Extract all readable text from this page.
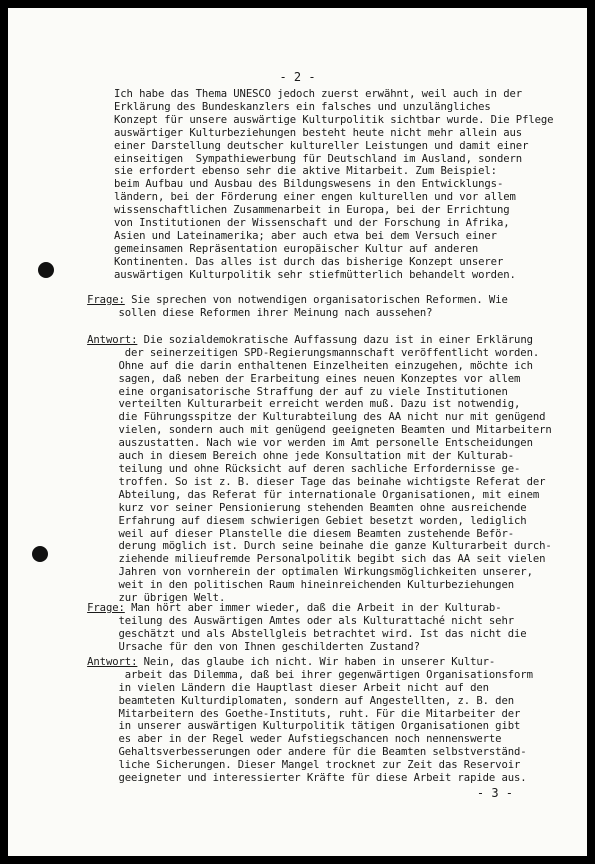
- 2 -
Ich habe das Thema UNESCO jedoch zuerst erwähnt, weil auch in der
Erklärung des Bundeskanzlers ein falsches und unzulängliches
Konzept für unsere auswärtige Kulturpolitik sichtbar wurde. Die Pflege
auswärtiger Kulturbeziehungen besteht heute nicht mehr allein aus
einer Darstellung deutscher kultureller Leistungen und damit einer
einseitigen  Sympathiewerbung für Deutschland im Ausland, sondern
sie erfordert ebenso sehr die aktive Mitarbeit. Zum Beispiel:
beim Aufbau und Ausbau des Bildungswesens in den Entwicklungs-
ländern, bei der Förderung einer engen kulturellen und vor allem
wissenschaftlichen Zusammenarbeit in Europa, bei der Errichtung
von Institutionen der Wissenschaft und der Forschung in Afrika,
Asien und Lateinamerika; aber auch etwa bei dem Versuch einer
gemeinsamen Repräsentation europäischer Kultur auf anderen
Kontinenten. Das alles ist durch das bisherige Konzept unserer
auswärtigen Kulturpolitik sehr stiefmütterlich behandelt worden.

Frage: Sie sprechen von notwendigen organisatorischen Reformen. Wie
sollen diese Reformen ihrer Meinung nach aussehen?

Antwort: Die sozialdemokratische Auffassung dazu ist in einer Erklärung
der seinerzeitigen SPD-Regierungsmannschaft veröffentlicht worden.
Ohne auf die darin enthaltenen Einzelheiten einzugehen, möchte ich
sagen, daß neben der Erarbeitung eines neuen Konzeptes vor allem
eine organisatorische Straffung der auf zu viele Institutionen
verteilten Kulturarbeit erreicht werden muß. Dazu ist notwendig,
die Führungsspitze der Kulturabteilung des AA nicht nur mit genügend
vielen, sondern auch mit genügend geeigneten Beamten und Mitarbeitern
auszustatten. Nach wie vor werden im Amt personelle Entscheidungen
auch in diesem Bereich ohne jede Konsultation mit der Kulturab-
teilung und ohne Rücksicht auf deren sachliche Erfordernisse ge-
troffen. So ist z. B. dieser Tage das beinahe wichtigste Referat der
Abteilung, das Referat für internationale Organisationen, mit einem
kurz vor seiner Pensionierung stehenden Beamten ohne ausreichende
Erfahrung auf diesem schwierigen Gebiet besetzt worden, lediglich
weil auf dieser Planstelle die diesem Beamten zustehende Beför-
derung möglich ist. Durch seine beinahe die ganze Kulturarbeit durch-
ziehende milieufremde Personalpolitik begibt sich das AA seit vielen
Jahren von vornherein der optimalen Wirkungsmöglichkeiten unserer,
weit in den politischen Raum hineinreichenden Kulturbeziehungen
zur übrigen Welt.

Frage: Man hört aber immer wieder, daß die Arbeit in der Kulturab-
teilung des Auswärtigen Amtes oder als Kulturattaché nicht sehr
geschätzt und als Abstellgleis betrachtet wird. Ist das nicht die
Ursache für den von Ihnen geschilderten Zustand?

Antwort: Nein, das glaube ich nicht. Wir haben in unserer Kultur-
arbeit das Dilemma, daß bei ihrer gegenwärtigen Organisationsform
in vielen Ländern die Hauptlast dieser Arbeit nicht auf den
beamteten Kulturdiplomaten, sondern auf Angestellten, z. B. den
Mitarbeitern des Goethe-Instituts, ruht. Für die Mitarbeiter der
in unserer auswärtigen Kulturpolitik tätigen Organisationen gibt
es aber in der Regel weder Aufstiegschancen noch nennenswerte
Gehaltsverbesserungen oder andere für die Beamten selbstverständ-
liche Sicherungen. Dieser Mangel trocknet zur Zeit das Reservoir
geeigneter und interessierter Kräfte für diese Arbeit rapide aus.

- 3 -
